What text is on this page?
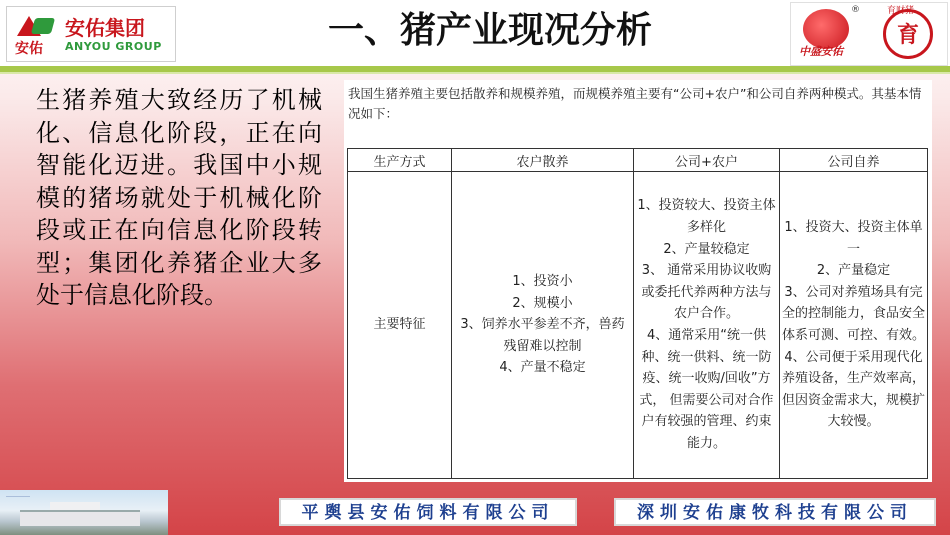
安佑
安佑集团
ANYOU GROUP	一、猪产业现况分析	®
中盛安佑
育财猪
育
生猪养殖大致经历了机械化、信息化阶段，正在向智能化迈进。我国中小规模的猪场就处于机械化阶段或正在向信息化阶段转型；集团化养猪企业大多处于信息化阶段。
我国生猪养殖主要包括散养和规模养殖，而规模养殖主要有“公司+农户”和公司自养两种模式。其基本情况如下：
生产方式	农户散养	公司+农户	公司自养
主要特征	1、投资小
2、规模小
3、饲养水平参差不齐，兽药残留难以控制
4、产量不稳定	1、投资较大、投资主体多样化
2、产量较稳定
3、 通常采用协议收购或委托代养两种方法与农户合作。
4、通常采用“统一供种、统一供料、统一防疫、统一收购/回收”方式， 但需要公司对合作户有较强的管理、约束能力。	1、投资大、投资主体单一
2、产量稳定
3、公司对养殖场具有完全的控制能力，食品安全体系可测、可控、有效。
4、公司便于采用现代化养殖设备，生产效率高，但因资金需求大，规模扩大较慢。
…………
平舆县安佑饲料有限公司	深圳安佑康牧科技有限公司
